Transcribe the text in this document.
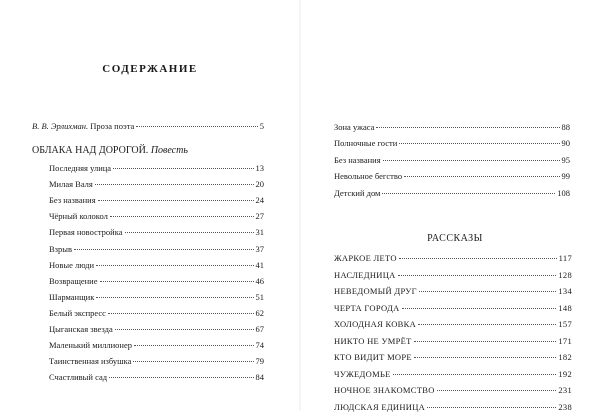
СОДЕРЖАНИЕ
В. В. Эрлихман. Проза поэта	5
ОБЛАКА НАД ДОРОГОЙ. Повесть
Последняя улица	13
Милая Валя	20
Без названия	24
Чёрный колокол	27
Первая новостройка	31
Взрыв	37
Новые люди	41
Возвращение	46
Шарманщик	51
Белый экспресс	62
Цыганская звезда	67
Маленький миллионер	74
Таинственная избушка	79
Счастливый сад	84
Зона ужаса	88
Полночные гости	90
Без названия	95
Невольное бегство	99
Детский дом	108
РАССКАЗЫ
ЖАРКОЕ ЛЕТО	117
НАСЛЕДНИЦА	128
НЕВЕДОМЫЙ ДРУГ	134
ЧЕРТА ГОРОДА	148
ХОЛОДНАЯ КОВКА	157
НИКТО НЕ УМРЁТ	171
КТО ВИДИТ МОРЕ	182
ЧУЖЕДОМЬЕ	192
НОЧНОЕ ЗНАКОМСТВО	231
ЛЮДСКАЯ ЕДИНИЦА	238
